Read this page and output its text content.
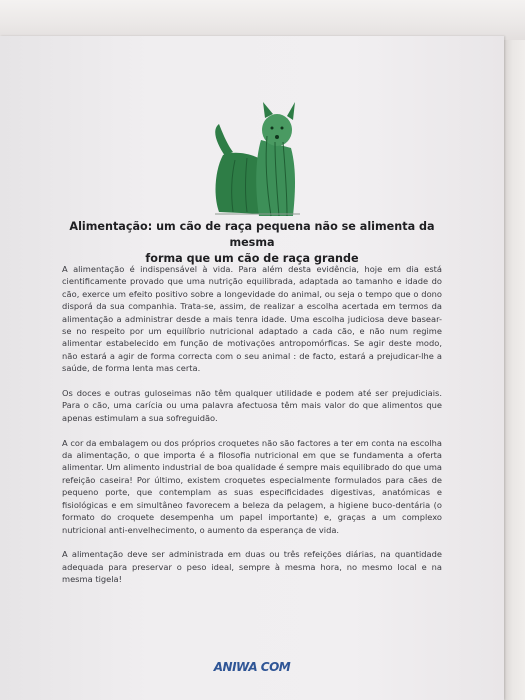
Alimentação: um cão de raça pequena não se alimenta da mesma
forma que um cão de raça grande

A alimentação é indispensável à vida. Para além desta evidência, hoje em dia está cientificamente provado que uma nutrição equilibrada, adaptada ao tamanho e idade do cão, exerce um efeito positivo sobre a longevidade do animal, ou seja o tempo que o dono disporá da sua companhia. Trata-se, assim, de realizar a escolha acertada em termos da alimentação a administrar desde a mais tenra idade. Uma escolha judiciosa deve basear-se no respeito por um equilíbrio nutricional adaptado a cada cão, e não num regime alimentar estabelecido em função de motivações antropomórficas. Se agir deste modo, não estará a agir de forma correcta com o seu animal : de facto, estará a prejudicar-lhe a saúde, de forma lenta mas certa.

Os doces e outras guloseimas não têm qualquer utilidade e podem até ser prejudiciais. Para o cão, uma carícia ou uma palavra afectuosa têm mais valor do que alimentos que apenas estimulam a sua sofreguidão.

A cor da embalagem ou dos próprios croquetes não são factores a ter em conta na escolha da alimentação, o que importa é a filosofia nutricional em que se fundamenta a oferta alimentar. Um alimento industrial de boa qualidade é sempre mais equilibrado do que uma refeição caseira! Por último, existem croquetes especialmente formulados para cães de pequeno porte, que contemplam as suas especificidades digestivas, anatómicas e fisiológicas e em simultâneo favorecem a beleza da pelagem, a higiene buco-dentária (o formato do croquete desempenha um papel importante) e, graças a um complexo nutricional anti-envelhecimento, o aumento da esperança de vida.

A alimentação deve ser administrada em duas ou três refeições diárias, na quantidade adequada para preservar o peso ideal, sempre à mesma hora, no mesmo local e na mesma tigela!

ANIWA COM
